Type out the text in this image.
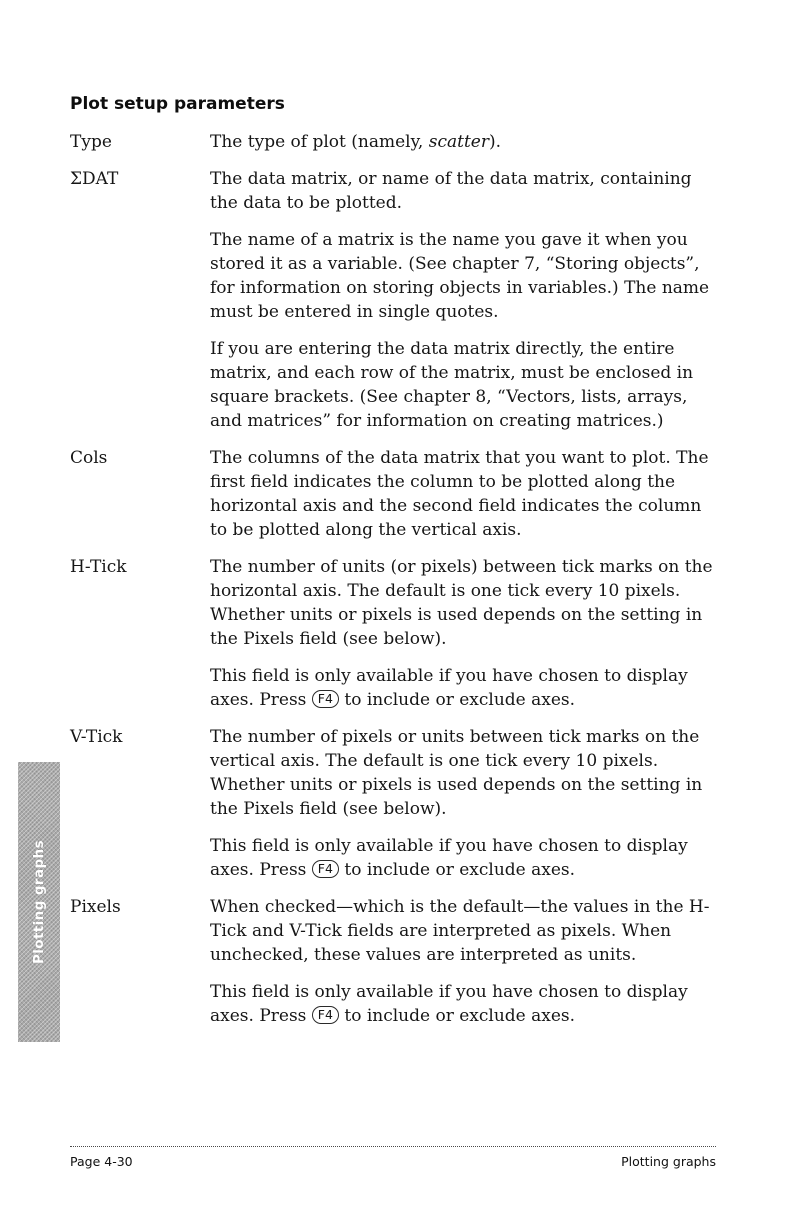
Plot setup parameters
Type	The type of plot (namely, scatter).

ΣDAT	The data matrix, or name of the data matrix, containing the data to be plotted.

The name of a matrix is the name you gave it when you stored it as a variable. (See chapter 7, “Storing objects”, for information on storing objects in variables.) The name must be entered in single quotes.

If you are entering the data matrix directly, the entire matrix, and each row of the matrix, must be enclosed in square brackets. (See chapter 8, “Vectors, lists, arrays, and matrices” for information on creating matrices.)

Cols	The columns of the data matrix that you want to plot. The first field indicates the column to be plotted along the horizontal axis and the second field indicates the column to be plotted along the vertical axis.

H-Tick	The number of units (or pixels) between tick marks on the horizontal axis. The default is one tick every 10 pixels. Whether units or pixels is used depends on the setting in the Pixels field (see below).

This field is only available if you have chosen to display axes. Press F4 to include or exclude axes.

V-Tick	The number of pixels or units between tick marks on the vertical axis. The default is one tick every 10 pixels. Whether units or pixels is used depends on the setting in the Pixels field (see below).

This field is only available if you have chosen to display axes. Press F4 to include or exclude axes.

Pixels	When checked—which is the default—the values in the H-Tick and V-Tick fields are interpreted as pixels. When unchecked, these values are interpreted as units.

This field is only available if you have chosen to display axes. Press F4 to include or exclude axes.

Plotting graphs
Page 4-30	Plotting graphs
